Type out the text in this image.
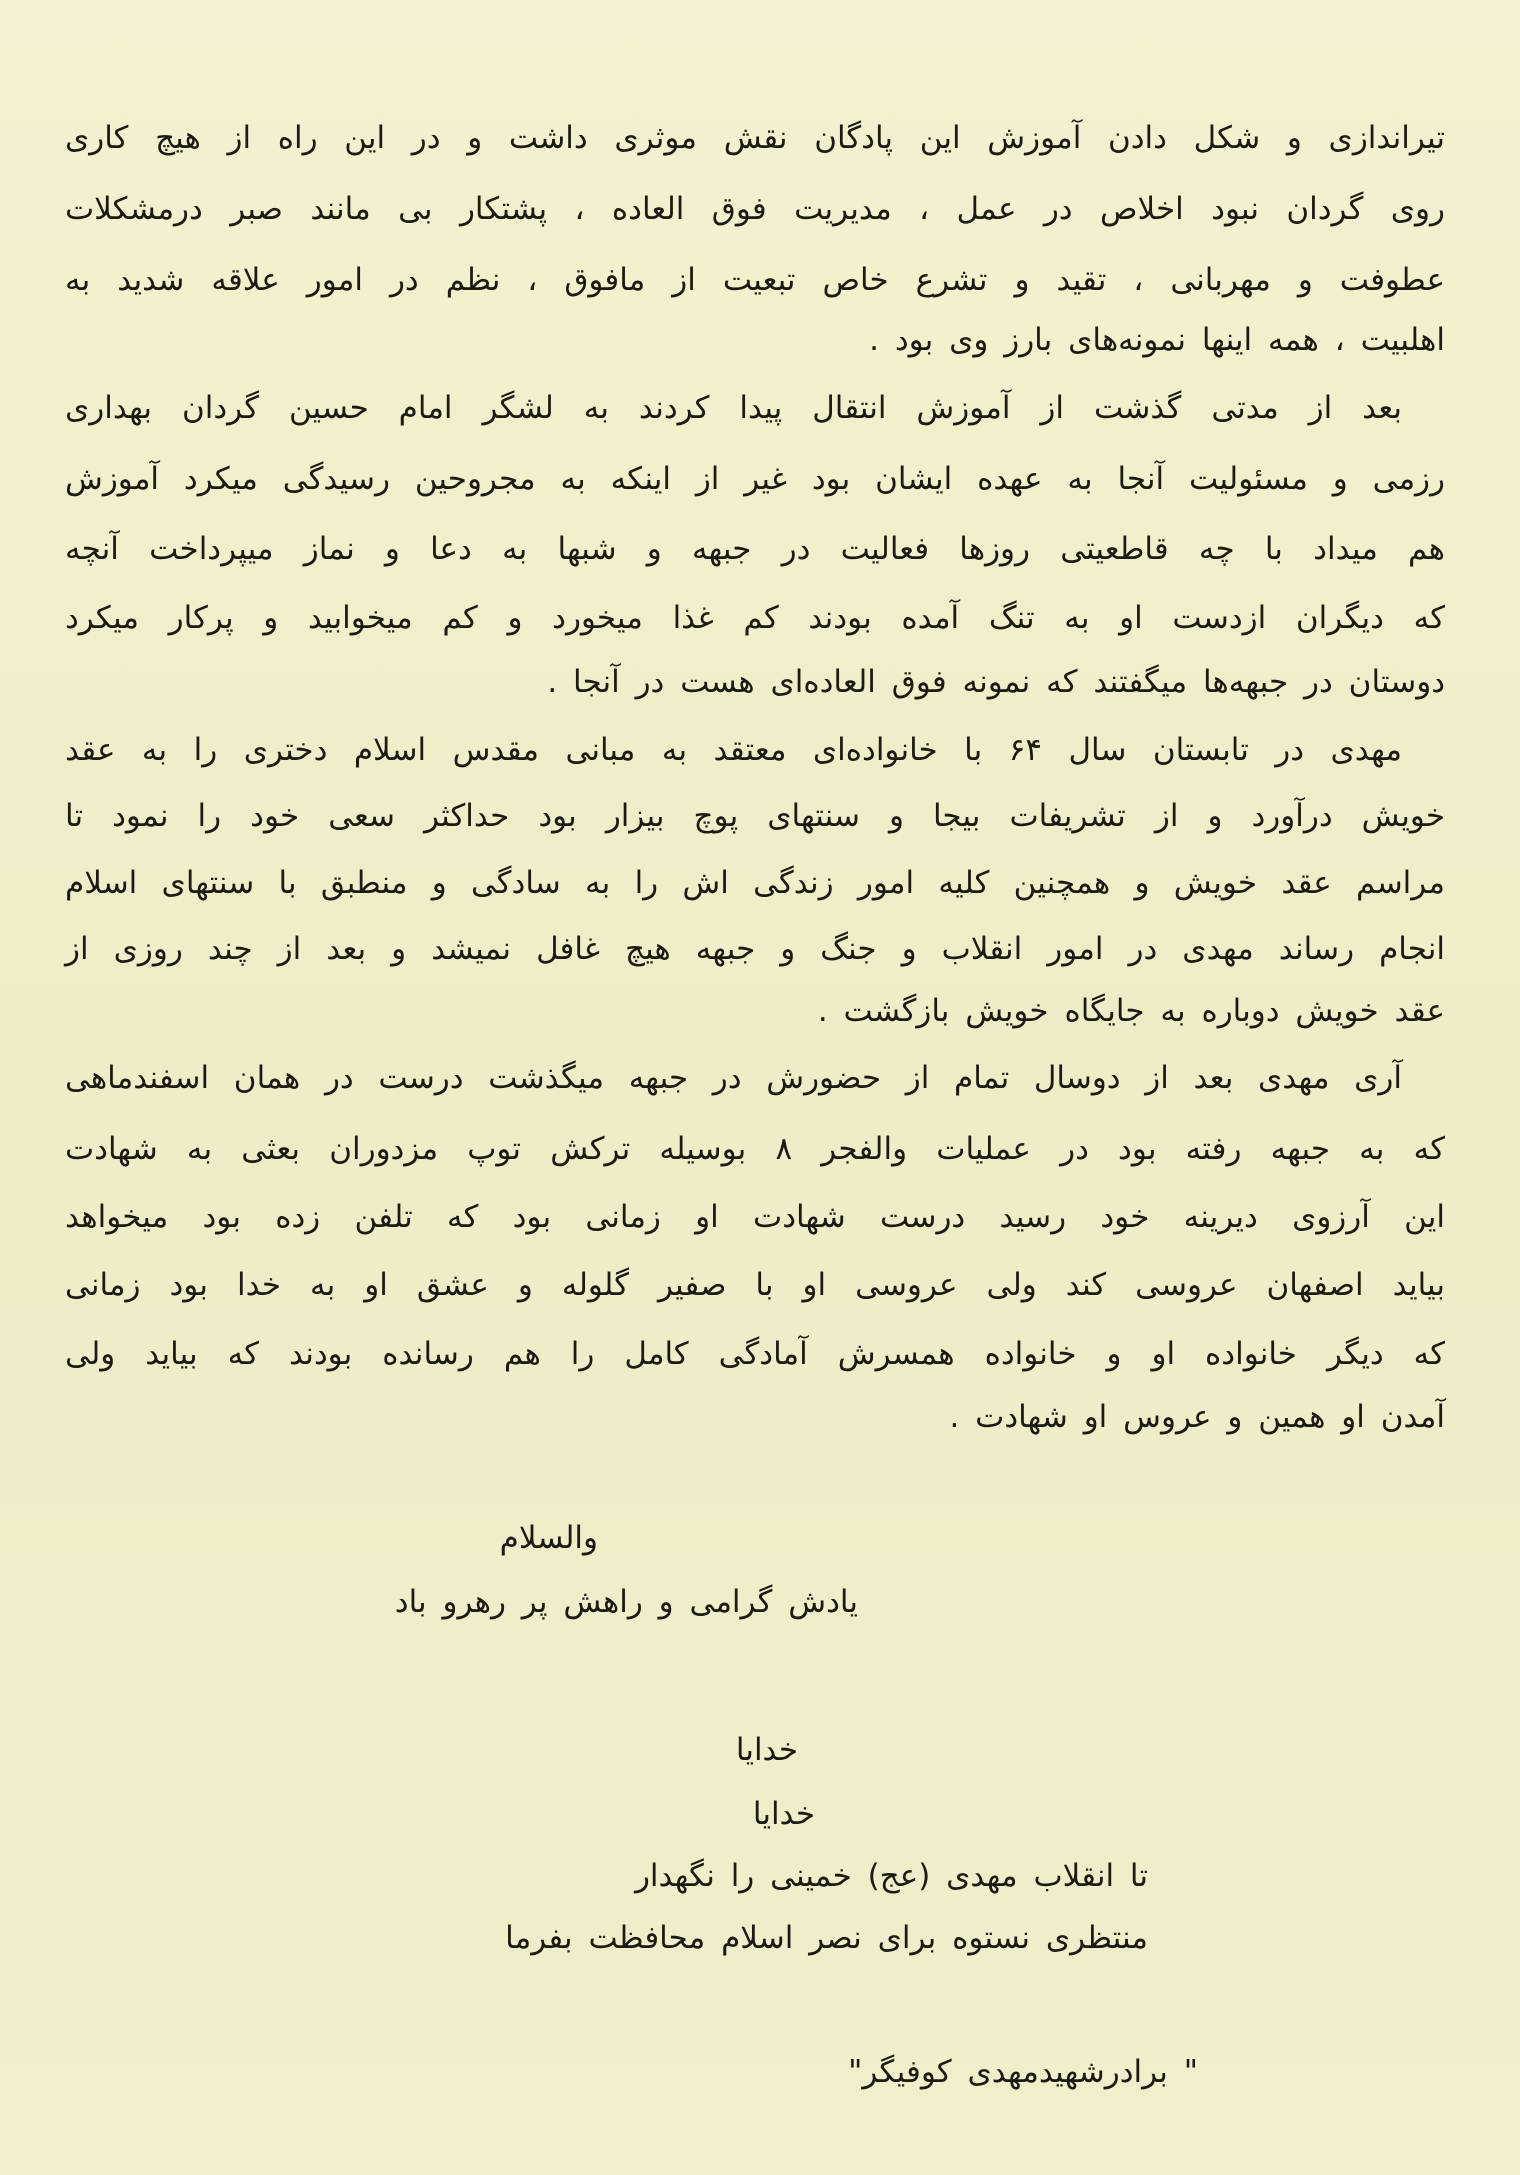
تیراندازی و شکل دادن آموزش این پادگان نقش موثری داشت و در این راه از هیچ کاری
روی گردان نبود اخلاص در عمل ، مدیریت فوق العاده ، پشتکار بی مانند صبر درمشکلات
عطوفت و مهربانی ، تقید و تشرع خاص تبعیت از مافوق ، نظم در امور علاقه شدید به
اهلبیت ، همه اینها نمونه‌های بارز وی بود .
بعد از مدتی گذشت از آموزش انتقال پیدا کردند به لشگر امام حسین گردان بهداری
رزمی و مسئولیت آنجا به عهده ایشان بود غیر از اینکه به مجروحین رسیدگی میکرد آموزش
هم میداد با چه قاطعیتی روزها فعالیت در جبهه و شبها به دعا و نماز میپرداخت آنچه
که دیگران ازدست او به تنگ آمده بودند کم غذا میخورد و کم میخوابید و پرکار میکرد
دوستان در جبهه‌ها میگفتند که نمونه فوق العاده‌ای هست در آنجا .
مهدی در تابستان سال ۶۴ با خانواده‌ای معتقد به مبانی مقدس اسلام دختری را به عقد
خویش درآورد و از تشریفات بیجا و سنتهای پوچ بیزار بود حداکثر سعی خود را نمود تا
مراسم عقد خویش و همچنین کلیه امور زندگی اش را به سادگی و منطبق با سنتهای اسلام
انجام رساند مهدی در امور انقلاب و جنگ و جبهه هیچ غافل نمیشد و بعد از چند روزی از
عقد خویش دوباره به جایگاه خویش بازگشت .
آری مهدی بعد از دوسال تمام از حضورش در جبهه میگذشت درست در همان اسفندماهی
که به جبهه رفته بود در عملیات والفجر ۸ بوسیله ترکش توپ مزدوران بعثی به شهادت
این آرزوی دیرینه خود رسید درست شهادت او زمانی بود که تلفن زده بود میخواهد
بیاید اصفهان عروسی کند ولی عروسی او با صفیر گلوله و عشق او به خدا بود زمانی
که دیگر خانواده او و خانواده همسرش آمادگی کامل را هم رسانده بودند که بیاید ولی
آمدن او همین و عروس او شهادت .
والسلام
یادش گرامی و راهش پر رهرو باد
خدایا
خدایا
تا انقلاب مهدی (عج) خمینی را نگهدار
منتظری نستوه برای نصر اسلام محافظت بفرما
" برادرشهیدمهدی کوفیگر"
